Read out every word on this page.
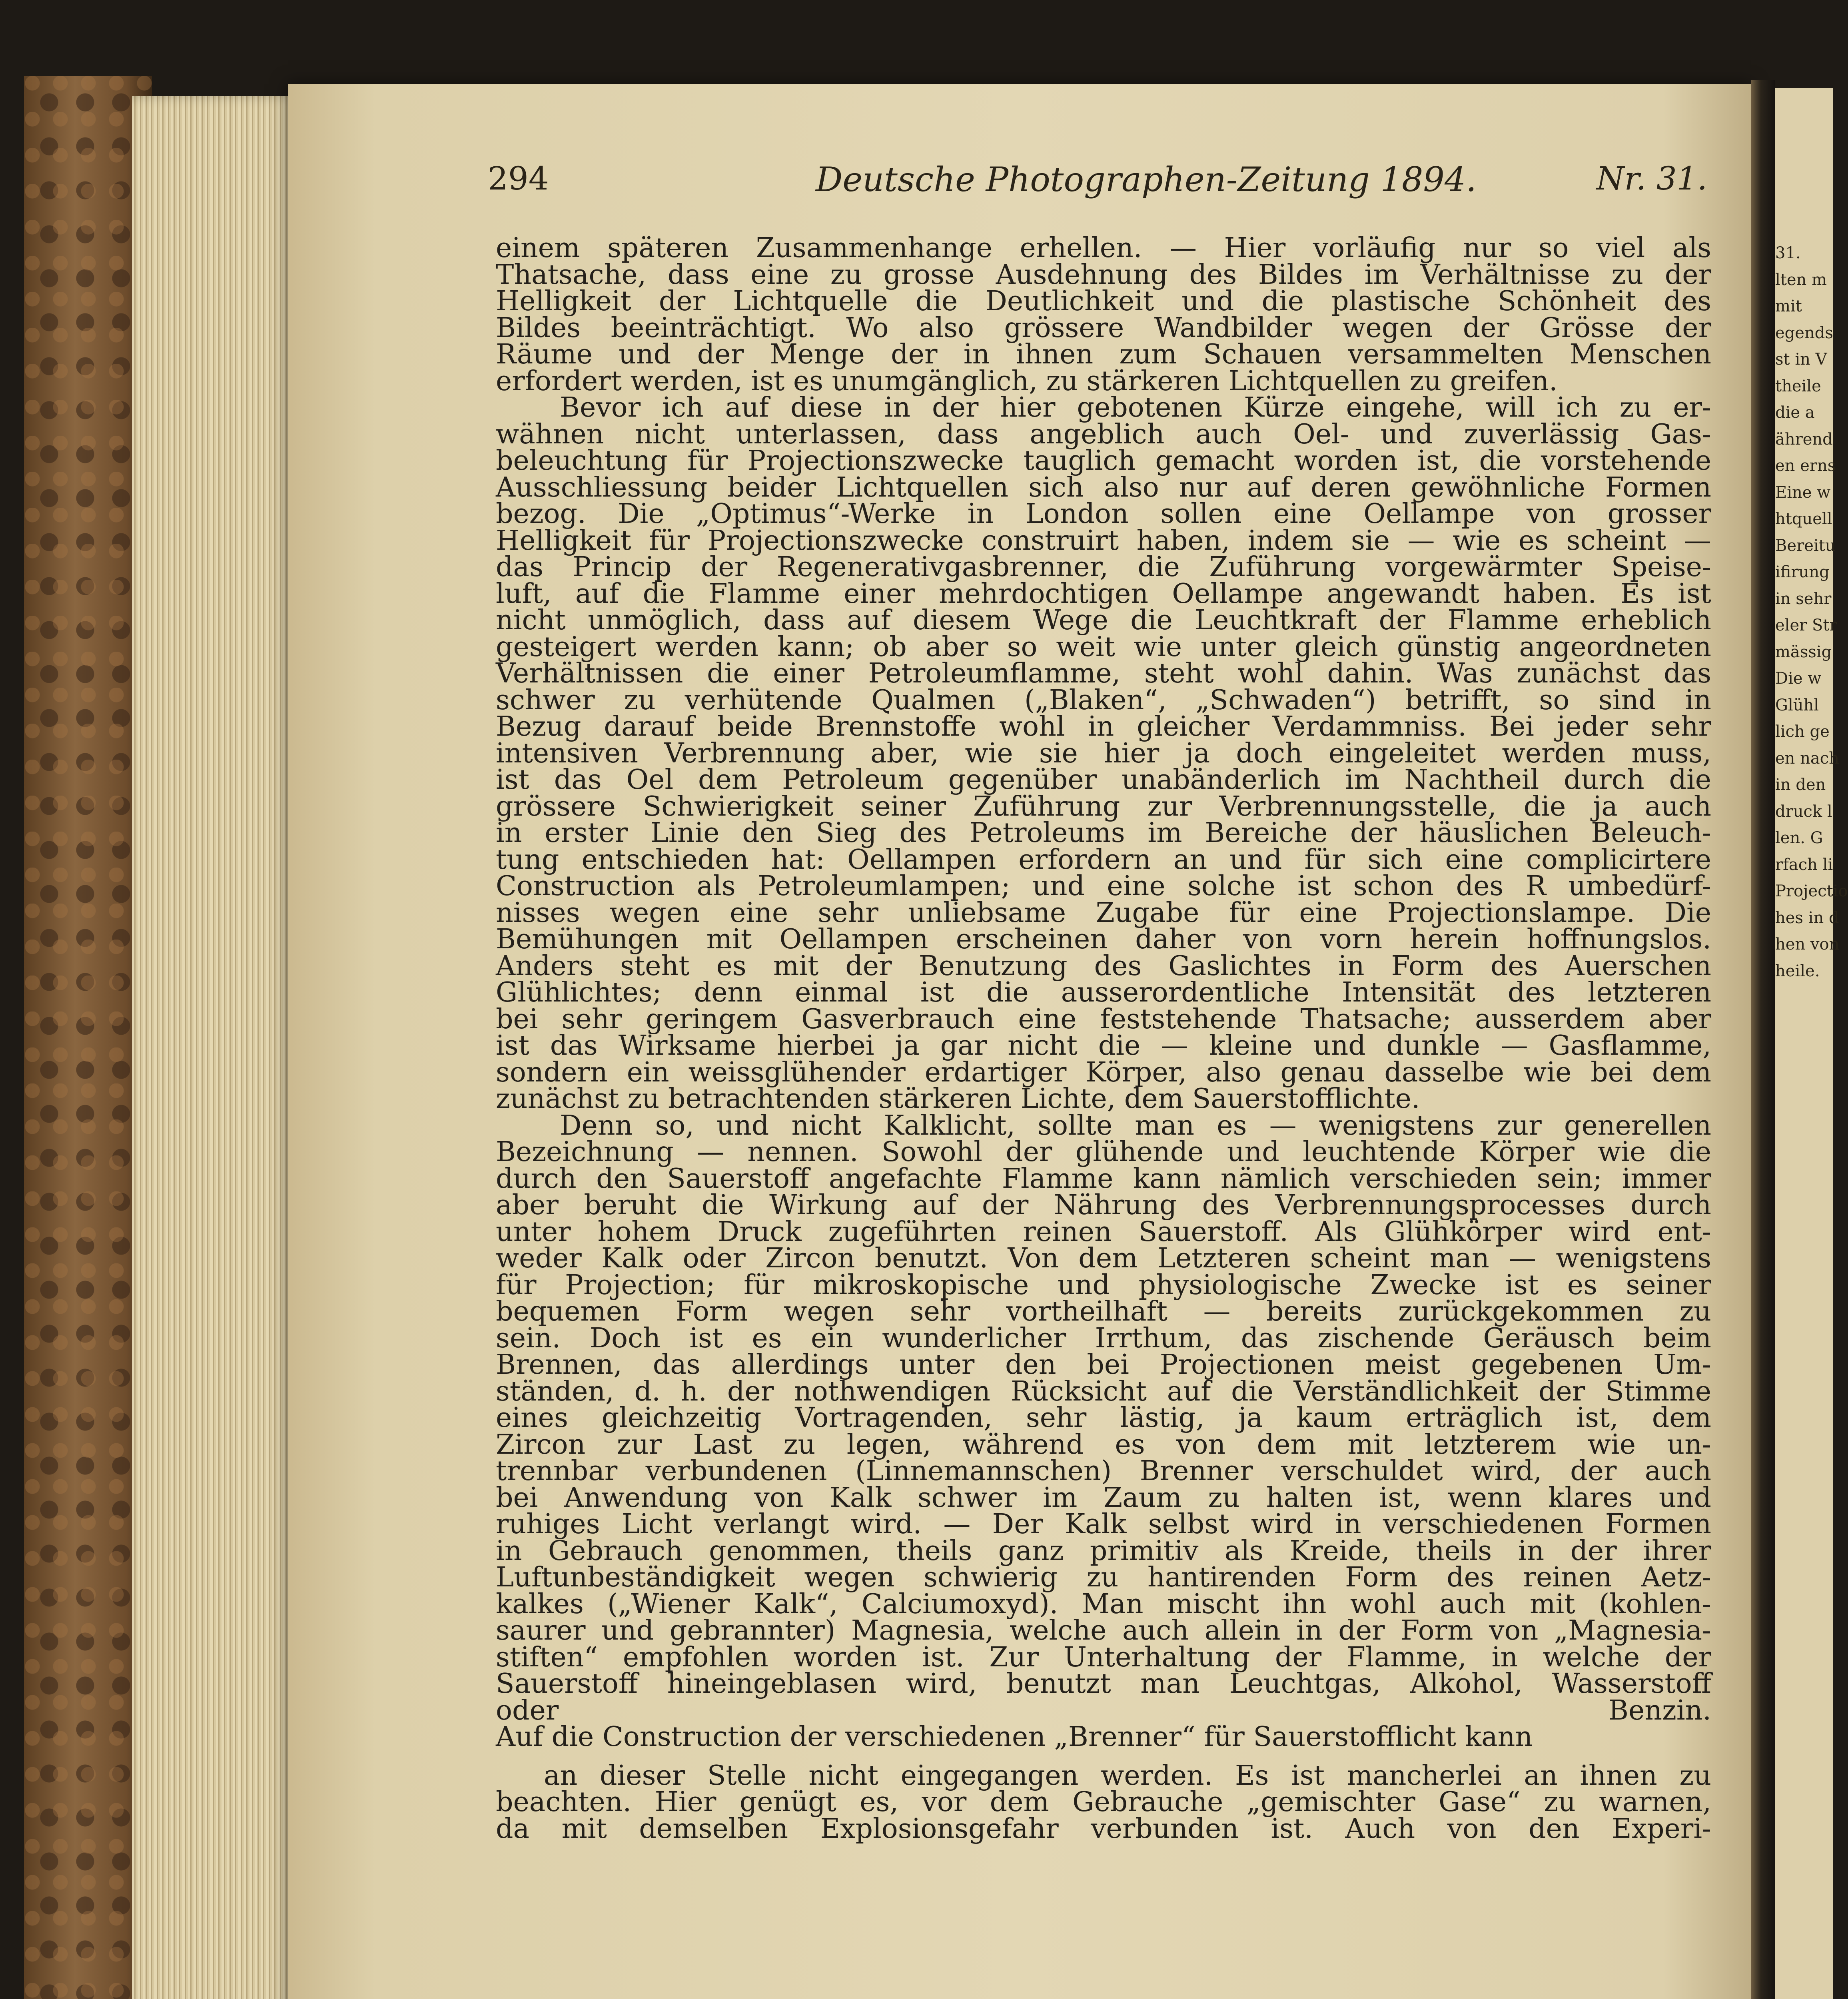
31.
lten m
mit
egends
st in V
theile
die a
ährend
en erns
Eine w
htquell
Bereitu
ifirung
in sehr
eler Str
mässig
Die w
Glühl
lich ge
en nach
in den
druck l
len. G
rfach li
Projectio
hes in d
hen von
heile.
294	Deutsche Photographen-Zeitung 1894.	Nr. 31.
einem späteren Zusammenhange erhellen. — Hier vorläufig nur so viel als
Thatsache, dass eine zu grosse Ausdehnung des Bildes im Verhältnisse zu der
Helligkeit der Lichtquelle die Deutlichkeit und die plastische Schönheit des
Bildes beeinträchtigt. Wo also grössere Wandbilder wegen der Grösse der
Räume und der Menge der in ihnen zum Schauen versammelten Menschen
erfordert werden, ist es unumgänglich, zu stärkeren Lichtquellen zu greifen.
Bevor ich auf diese in der hier gebotenen Kürze eingehe, will ich zu er-
wähnen nicht unterlassen, dass angeblich auch Oel- und zuverlässig Gas-
beleuchtung für Projectionszwecke tauglich gemacht worden ist, die vorstehende
Ausschliessung beider Lichtquellen sich also nur auf deren gewöhnliche Formen
bezog. Die „Optimus“-Werke in London sollen eine Oellampe von grosser
Helligkeit für Projectionszwecke construirt haben, indem sie — wie es scheint —
das Princip der Regenerativgasbrenner, die Zuführung vorgewärmter Speise-
luft, auf die Flamme einer mehrdochtigen Oellampe angewandt haben. Es ist
nicht unmöglich, dass auf diesem Wege die Leuchtkraft der Flamme erheblich
gesteigert werden kann; ob aber so weit wie unter gleich günstig angeordneten
Verhältnissen die einer Petroleumflamme, steht wohl dahin. Was zunächst das
schwer zu verhütende Qualmen („Blaken“, „Schwaden“) betrifft, so sind in
Bezug darauf beide Brennstoffe wohl in gleicher Verdammniss. Bei jeder sehr
intensiven Verbrennung aber, wie sie hier ja doch eingeleitet werden muss,
ist das Oel dem Petroleum gegenüber unabänderlich im Nachtheil durch die
grössere Schwierigkeit seiner Zuführung zur Verbrennungsstelle, die ja auch
in erster Linie den Sieg des Petroleums im Bereiche der häuslichen Beleuch-
tung entschieden hat: Oellampen erfordern an und für sich eine complicirtere
Construction als Petroleumlampen; und eine solche ist schon des R umbedürf-
nisses wegen eine sehr unliebsame Zugabe für eine Projectionslampe. Die
Bemühungen mit Oellampen erscheinen daher von vorn herein hoffnungslos.
Anders steht es mit der Benutzung des Gaslichtes in Form des Auerschen
Glühlichtes; denn einmal ist die ausserordentliche Intensität des letzteren
bei sehr geringem Gasverbrauch eine feststehende Thatsache; ausserdem aber
ist das Wirksame hierbei ja gar nicht die — kleine und dunkle — Gasflamme,
sondern ein weissglühender erdartiger Körper, also genau dasselbe wie bei dem
zunächst zu betrachtenden stärkeren Lichte, dem Sauerstofflichte.
Denn so, und nicht Kalklicht, sollte man es — wenigstens zur generellen
Bezeichnung — nennen. Sowohl der glühende und leuchtende Körper wie die
durch den Sauerstoff angefachte Flamme kann nämlich verschieden sein; immer
aber beruht die Wirkung auf der Nährung des Verbrennungsprocesses durch
unter hohem Druck zugeführten reinen Sauerstoff. Als Glühkörper wird ent-
weder Kalk oder Zircon benutzt. Von dem Letzteren scheint man — wenigstens
für Projection; für mikroskopische und physiologische Zwecke ist es seiner
bequemen Form wegen sehr vortheilhaft — bereits zurückgekommen zu
sein. Doch ist es ein wunderlicher Irrthum, das zischende Geräusch beim
Brennen, das allerdings unter den bei Projectionen meist gegebenen Um-
ständen, d. h. der nothwendigen Rücksicht auf die Verständlichkeit der Stimme
eines gleichzeitig Vortragenden, sehr lästig, ja kaum erträglich ist, dem
Zircon zur Last zu legen, während es von dem mit letzterem wie un-
trennbar verbundenen (Linnemannschen) Brenner verschuldet wird, der auch
bei Anwendung von Kalk schwer im Zaum zu halten ist, wenn klares und
ruhiges Licht verlangt wird. — Der Kalk selbst wird in verschiedenen Formen
in Gebrauch genommen, theils ganz primitiv als Kreide, theils in der ihrer
Luftunbeständigkeit wegen schwierig zu hantirenden Form des reinen Aetz-
kalkes („Wiener Kalk“, Calciumoxyd). Man mischt ihn wohl auch mit (kohlen-
saurer und gebrannter) Magnesia, welche auch allein in der Form von „Magnesia-
stiften“ empfohlen worden ist. Zur Unterhaltung der Flamme, in welche der
Sauerstoff hineingeblasen wird, benutzt man Leuchtgas, Alkohol, Wasserstoff
oder Benzin.
Auf die Construction der verschiedenen „Brenner“ für Sauerstofflicht kann
an dieser Stelle nicht eingegangen werden. Es ist mancherlei an ihnen zu
beachten. Hier genügt es, vor dem Gebrauche „gemischter Gase“ zu warnen,
da mit demselben Explosionsgefahr verbunden ist. Auch von den Experi-
